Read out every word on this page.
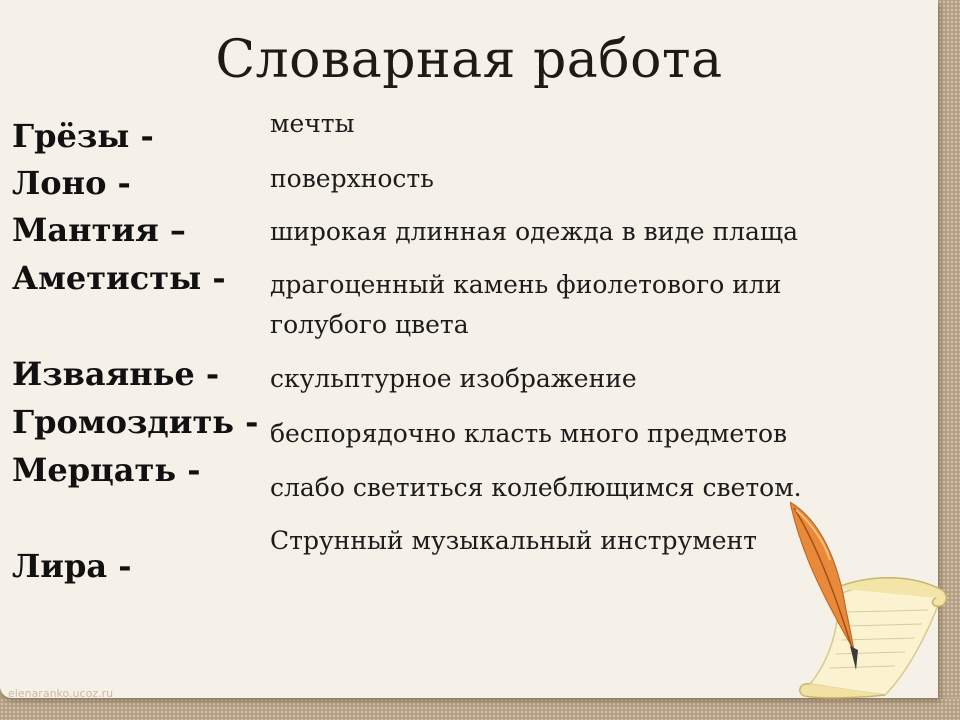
Словарная работа
Грёзы -
Лоно -
Мантия –
Аметисты -
Изваянье -
Громоздить -
Мерцать -
Лира -
мечты
поверхность
широкая длинная одежда в виде плаща
драгоценный камень фиолетового или
голубого цвета
скульптурное изображение
беспорядочно класть много предметов
слабо светиться колеблющимся светом.
Струнный музыкальный инструмент
elenaranko.ucoz.ru
